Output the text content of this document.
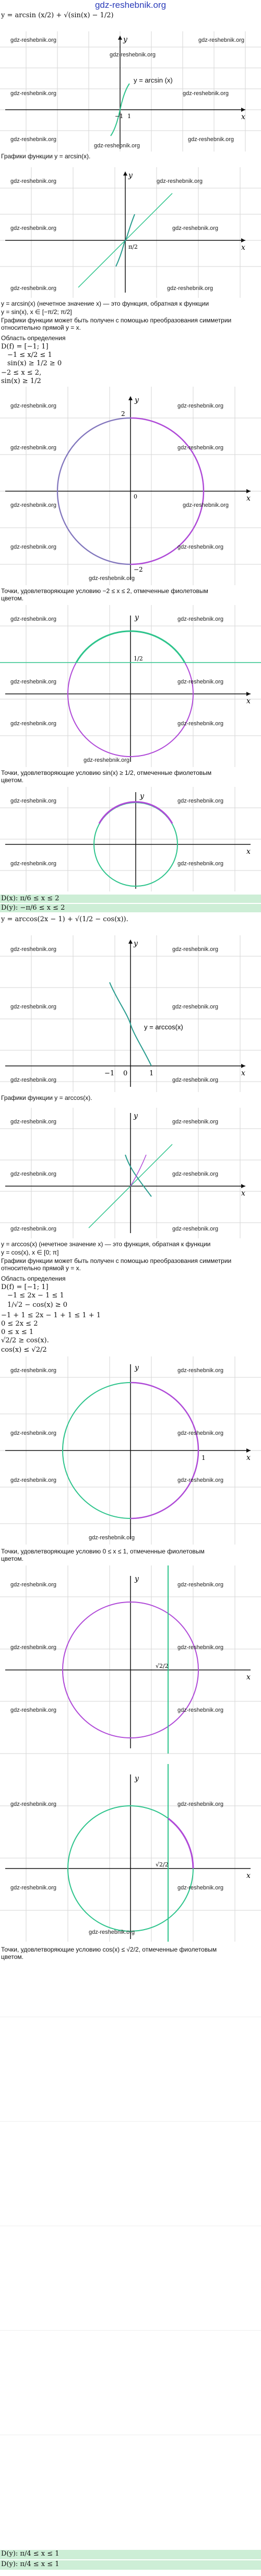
gdz-reshebnik.org
y = arcsin (x/2) + √(sin(x) − 1/2)
gdz-reshebnik.org
gdz-reshebnik.org
gdz-reshebnik.org
gdz-reshebnik.org	gdz-reshebnik.org
gdz-reshebnik.org	gdz-reshebnik.org
gdz-reshebnik.org
y
x
y = arcsin (x)
−1 1
Графики функции y = arcsin(x).
gdz-reshebnik.org	gdz-reshebnik.org
gdz-reshebnik.org	gdz-reshebnik.org
gdz-reshebnik.org	gdz-reshebnik.org
y
x
π/2
y = arcsin(x) (нечетное значение x) — это функция, обратная к функции
y = sin(x), x ∈ [−π/2; π/2]
Графики функции может быть получен с помощью преобразования симметрии
относительно прямой y = x.
Область определения
D(f) = [−1; 1]
−1 ≤ x/2 ≤ 1
sin(x) ≥ 1/2 ≥ 0
−2 ≤ x ≤ 2,
sin(x) ≥ 1/2
gdz-reshebnik.org	gdz-reshebnik.org
gdz-reshebnik.org	gdz-reshebnik.org
gdz-reshebnik.org	gdz-reshebnik.org
gdz-reshebnik.org	gdz-reshebnik.org
gdz-reshebnik.org
y
x
2
−2
0
Точки, удовлетворяющие условию −2 ≤ x ≤ 2, отмеченные фиолетовым
цветом.
gdz-reshebnik.org	gdz-reshebnik.org
gdz-reshebnik.org	gdz-reshebnik.org
gdz-reshebnik.org	gdz-reshebnik.org
gdz-reshebnik.org
y
x
1/2
Точки, удовлетворяющие условию sin(x) ≥ 1/2, отмеченные фиолетовым
цветом.
gdz-reshebnik.org	gdz-reshebnik.org
gdz-reshebnik.org	gdz-reshebnik.org
y
x
D(x): π/6 ≤ x ≤ 2
D(y): −π/6 ≤ x ≤ 2
y = arccos(2x − 1) + √(1/2 − cos(x)).
gdz-reshebnik.org	gdz-reshebnik.org
gdz-reshebnik.org	gdz-reshebnik.org
gdz-reshebnik.org	gdz-reshebnik.org
y
x
y = arccos(x)
−1 0	1
Графики функции y = arccos(x).
gdz-reshebnik.org	gdz-reshebnik.org
gdz-reshebnik.org	gdz-reshebnik.org
gdz-reshebnik.org	gdz-reshebnik.org
y
x
y = arccos(x) (нечетное значение x) — это функция, обратная к функции
y = cos(x), x ∈ [0; π]
Графики функции может быть получен с помощью преобразования симметрии
относительно прямой y = x.
Область определения
D(f) = [−1; 1]
−1 ≤ 2x − 1 ≤ 1
1/√2 − cos(x) ≥ 0
−1 + 1 ≤ 2x − 1 + 1 ≤ 1 + 1
0 ≤ 2x ≤ 2
0 ≤ x ≤ 1
√2/2 ≥ cos(x).
cos(x) ≤ √2/2
gdz-reshebnik.org	gdz-reshebnik.org
gdz-reshebnik.org	gdz-reshebnik.org
gdz-reshebnik.org	gdz-reshebnik.org
gdz-reshebnik.org
y
x
1
Точки, удовлетворяющие условию 0 ≤ x ≤ 1, отмеченные фиолетовым
цветом.
gdz-reshebnik.org	gdz-reshebnik.org
gdz-reshebnik.org	gdz-reshebnik.org
gdz-reshebnik.org	gdz-reshebnik.org
gdz-reshebnik.org	gdz-reshebnik.org
gdz-reshebnik.org	gdz-reshebnik.org
gdz-reshebnik.org
y
x
√2/2
y
x
√2/2
Точки, удовлетворяющие условию cos(x) ≤ √2/2, отмеченные фиолетовым
цветом.
D(y): π/4 ≤ x ≤ 1
D(y): π/4 ≤ x ≤ 1
